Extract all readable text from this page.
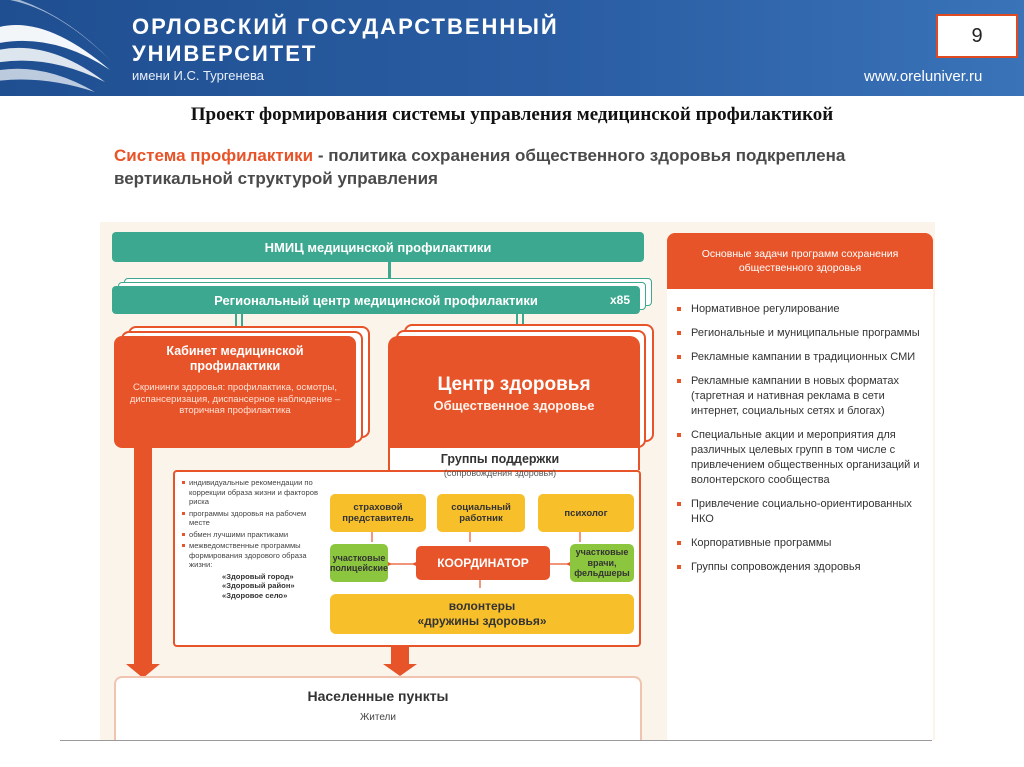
ОРЛОВСКИЙ ГОСУДАРСТВЕННЫЙ
УНИВЕРСИТЕТ
имени И.С. Тургенева	www.oreluniver.ru
9
Проект формирования системы управления медицинской профилактикой
Система профилактики - политика сохранения общественного здоровья подкреплена вертикальной структурой управления
НМИЦ медицинской профилактики
Региональный центр медицинской профилактики	x85
Кабинет медицинской профилактики
Скрининги здоровья: профилактика, осмотры, диспансеризация, диспансерное наблюдение – вторичная профилактика
Центр здоровья
Общественное здоровье
Группы поддержки
(сопровождения здоровья)
индивидуальные рекомендации по коррекции образа жизни и факторов риска
программы здоровья на рабочем месте
обмен лучшими практиками
межведомственные программы формирования здорового образа жизни:
«Здоровый город»
«Здоровый район»
«Здоровое село»
страховой представитель
социальный работник	психолог
участковые полицейские	КООРДИНАТОР
участковые врачи, фельдшеры
волонтеры
«дружины здоровья»
Населенные пункты
Жители
Основные задачи программ сохранения общественного здоровья
Нормативное регулирование
Региональные и муниципальные программы
Рекламные кампании в традиционных СМИ
Рекламные кампании в новых форматах (таргетная и нативная реклама в сети интернет, социальных сетях и блогах)
Специальные акции и мероприятия для различных целевых групп в том числе с привлечением общественных организаций и волонтерского сообщества
Привлечение социально-ориентированных НКО
Корпоративные программы
Группы сопровождения здоровья
